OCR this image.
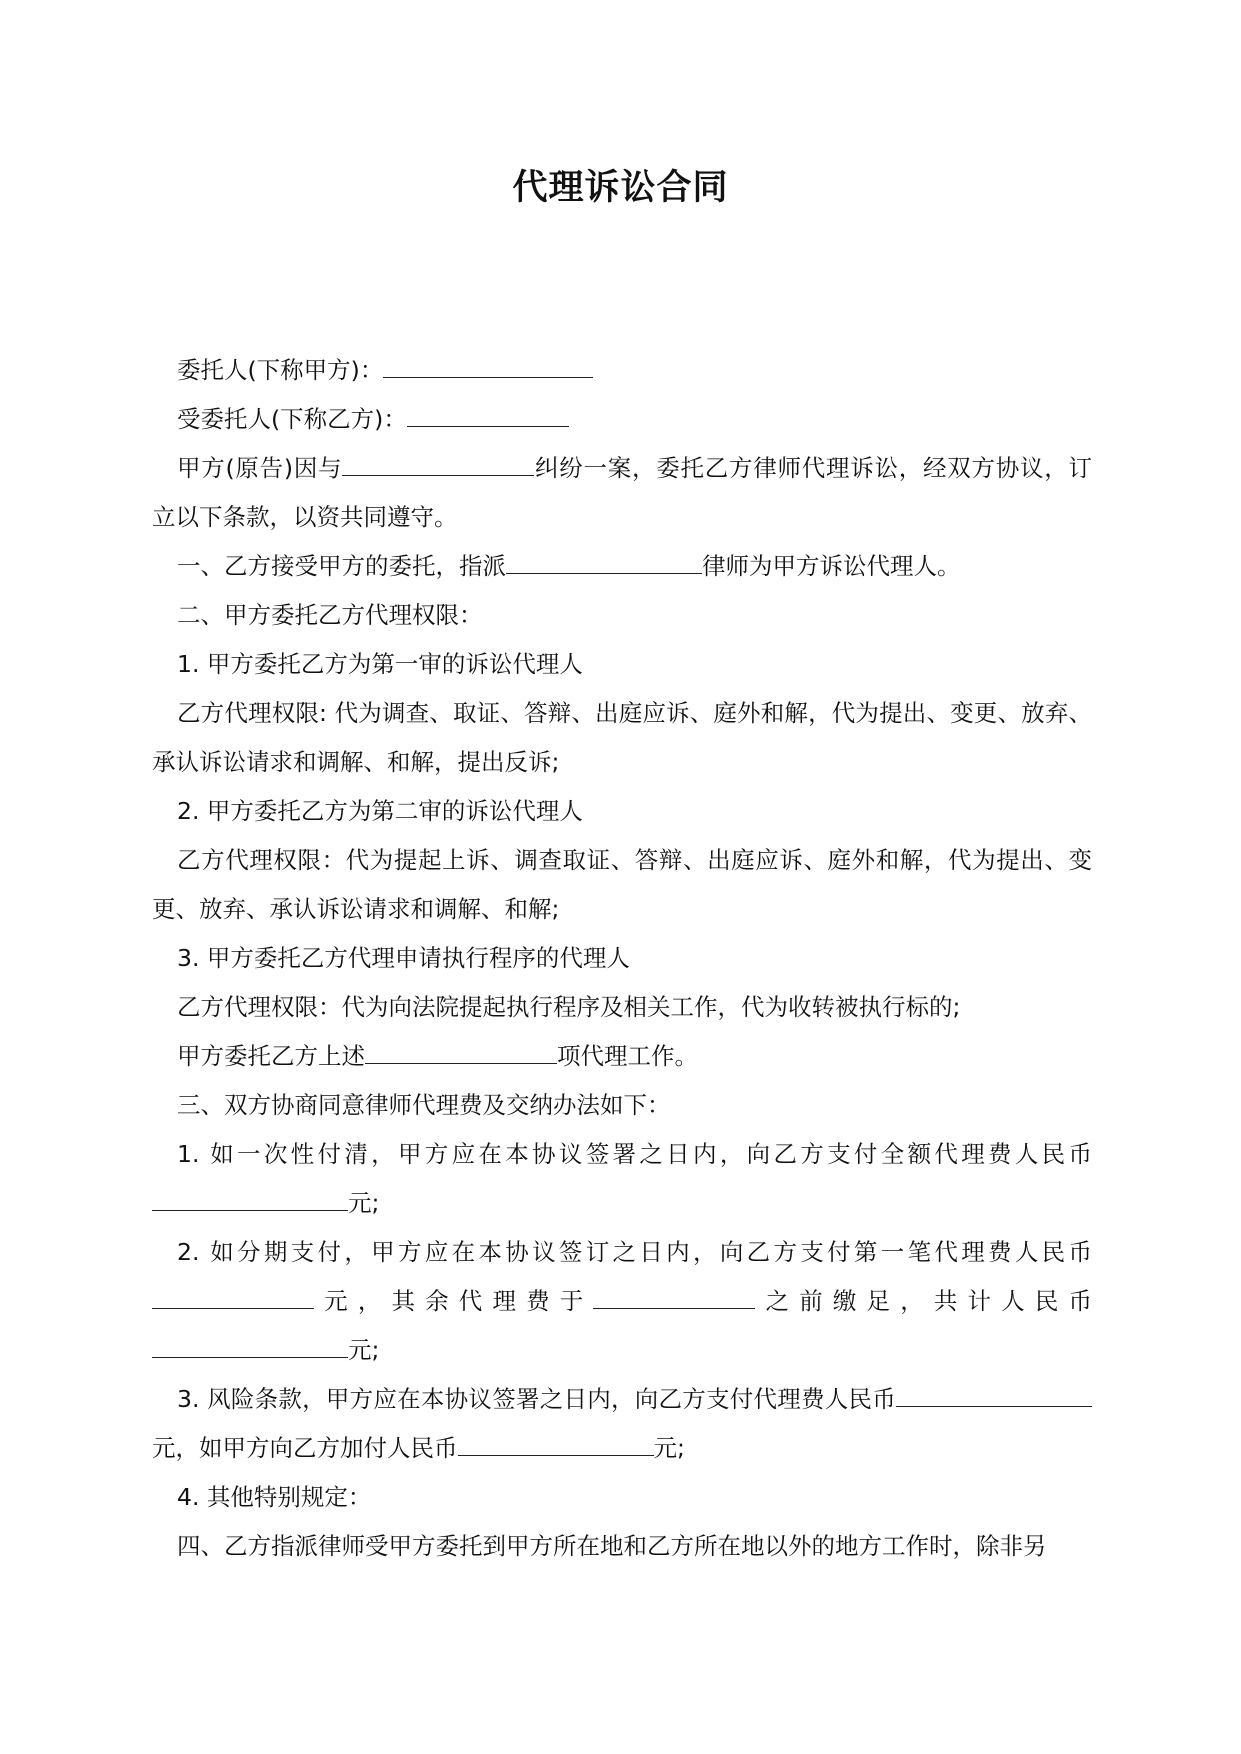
代理诉讼合同

委托人(下称甲方)：

受委托人(下称乙方)：

甲方(原告)因与	纠纷一案，委托乙方律师代理诉讼，经双方协议，订立以下条款，以资共同遵守。

一、乙方接受甲方的委托，指派	律师为甲方诉讼代理人。

二、甲方委托乙方代理权限：

1. 甲方委托乙方为第一审的诉讼代理人

乙方代理权限: 代为调查、取证、答辩、出庭应诉、庭外和解，代为提出、变更、放弃、承认诉讼请求和调解、和解，提出反诉;

2. 甲方委托乙方为第二审的诉讼代理人

乙方代理权限：代为提起上诉、调查取证、答辩、出庭应诉、庭外和解，代为提出、变更、放弃、承认诉讼请求和调解、和解;

3. 甲方委托乙方代理申请执行程序的代理人

乙方代理权限：代为向法院提起执行程序及相关工作，代为收转被执行标的;

甲方委托乙方上述	项代理工作。

三、双方协商同意律师代理费及交纳办法如下：

1. 如一次性付清，甲方应在本协议签署之日内，向乙方支付全额代理费人民币元;

2. 如分期支付，甲方应在本协议签订之日内，向乙方支付第一笔代理费人民币元，其余代理费于	之前缴足，共计人民币元;

3. 风险条款，甲方应在本协议签署之日内，向乙方支付代理费人民币元，如甲方向乙方加付人民币	元;

4. 其他特别规定：

四、乙方指派律师受甲方委托到甲方所在地和乙方所在地以外的地方工作时，除非另
